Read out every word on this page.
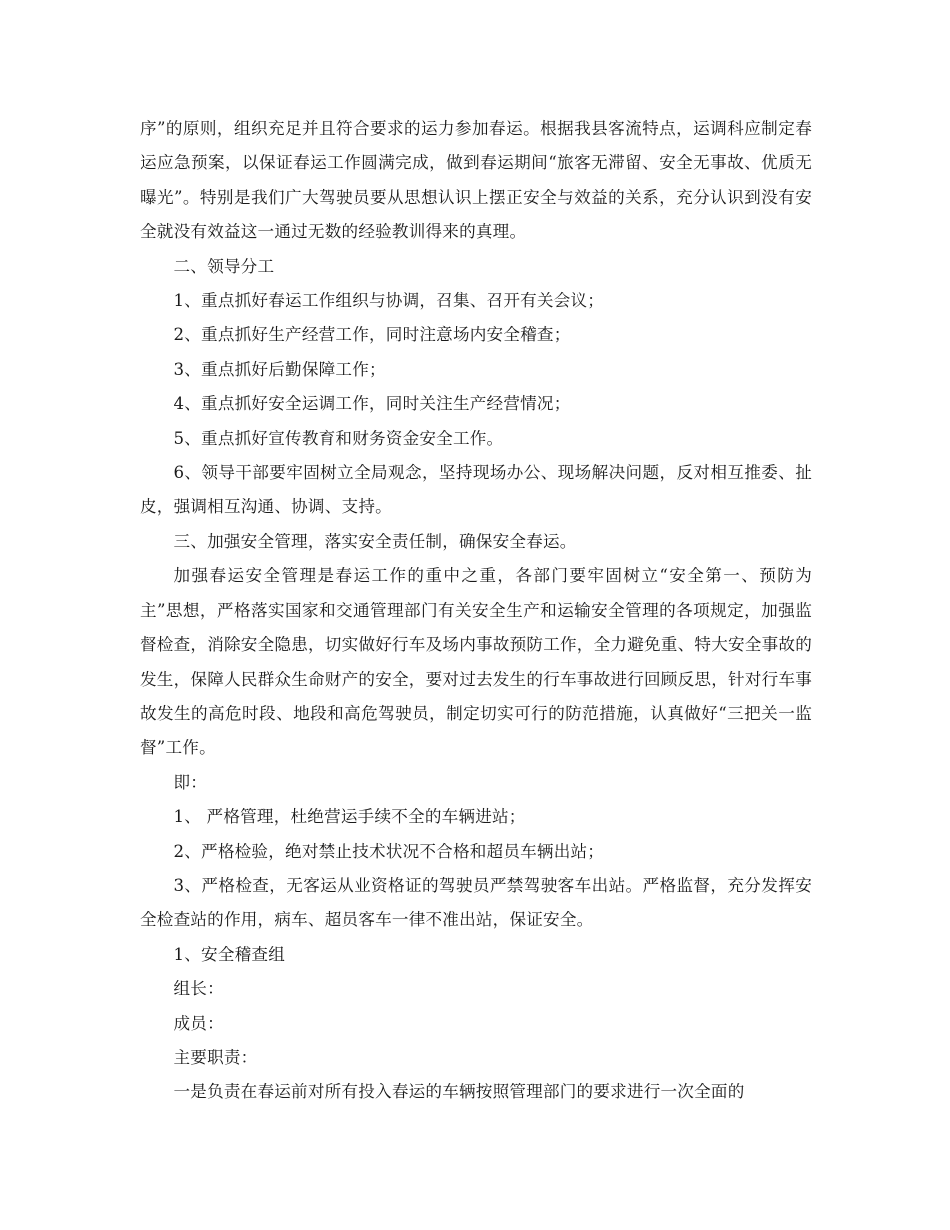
序”的原则，组织充足并且符合要求的运力参加春运。根据我县客流特点，运调科应制定春运应急预案，以保证春运工作圆满完成，做到春运期间“旅客无滞留、安全无事故、优质无曝光”。特别是我们广大驾驶员要从思想认识上摆正安全与效益的关系，充分认识到没有安全就没有效益这一通过无数的经验教训得来的真理。

二、领导分工

1、重点抓好春运工作组织与协调，召集、召开有关会议；

2、重点抓好生产经营工作，同时注意场内安全稽查；

3、重点抓好后勤保障工作；

4、重点抓好安全运调工作，同时关注生产经营情况；

5、重点抓好宣传教育和财务资金安全工作。

6、领导干部要牢固树立全局观念，坚持现场办公、现场解决问题，反对相互推委、扯皮，强调相互沟通、协调、支持。

三、加强安全管理，落实安全责任制，确保安全春运。

加强春运安全管理是春运工作的重中之重，各部门要牢固树立“安全第一、预防为主”思想，严格落实国家和交通管理部门有关安全生产和运输安全管理的各项规定，加强监督检查，消除安全隐患，切实做好行车及场内事故预防工作，全力避免重、特大安全事故的发生，保障人民群众生命财产的安全，要对过去发生的行车事故进行回顾反思，针对行车事故发生的高危时段、地段和高危驾驶员，制定切实可行的防范措施，认真做好“三把关一监督”工作。

即：

1、 严格管理，杜绝营运手续不全的车辆进站；

2、严格检验，绝对禁止技术状况不合格和超员车辆出站；

3、严格检查，无客运从业资格证的驾驶员严禁驾驶客车出站。严格监督，充分发挥安全检查站的作用，病车、超员客车一律不准出站，保证安全。

1、安全稽查组

组长：

成员：

主要职责：

一是负责在春运前对所有投入春运的车辆按照管理部门的要求进行一次全面的
